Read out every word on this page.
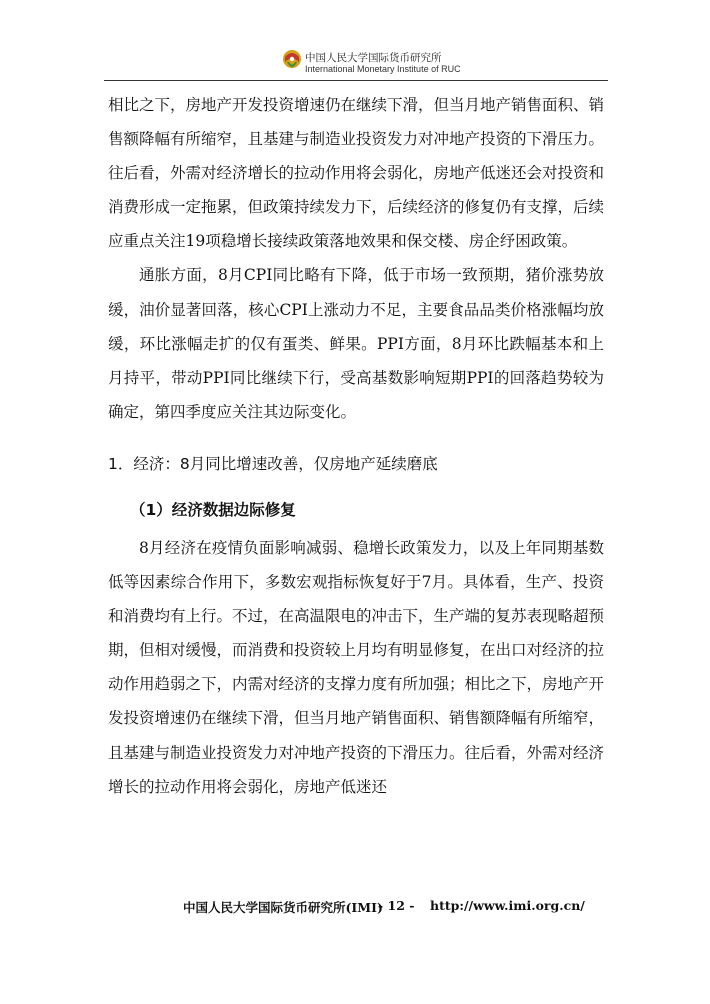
中国人民大学国际货币研究所
International Monetary Institute of RUC

相比之下，房地产开发投资增速仍在继续下滑，但当月地产销售面积、销售额降幅有所缩窄，且基建与制造业投资发力对冲地产投资的下滑压力。往后看，外需对经济增长的拉动作用将会弱化，房地产低迷还会对投资和消费形成一定拖累，但政策持续发力下，后续经济的修复仍有支撑，后续应重点关注19项稳增长接续政策落地效果和保交楼、房企纾困政策。

通胀方面，8月CPI同比略有下降，低于市场一致预期，猪价涨势放缓，油价显著回落，核心CPI上涨动力不足，主要食品品类价格涨幅均放缓，环比涨幅走扩的仅有蛋类、鲜果。PPI方面，8月环比跌幅基本和上月持平，带动PPI同比继续下行，受高基数影响短期PPI的回落趋势较为确定，第四季度应关注其边际变化。

1．经济：8月同比增速改善，仅房地产延续磨底
（1）经济数据边际修复

8月经济在疫情负面影响减弱、稳增长政策发力，以及上年同期基数低等因素综合作用下，多数宏观指标恢复好于7月。具体看，生产、投资和消费均有上行。不过，在高温限电的冲击下，生产端的复苏表现略超预期，但相对缓慢，而消费和投资较上月均有明显修复，在出口对经济的拉动作用趋弱之下，内需对经济的支撑力度有所加强；相比之下，房地产开发投资增速仍在继续下滑，但当月地产销售面积、销售额降幅有所缩窄，且基建与制造业投资发力对冲地产投资的下滑压力。往后看，外需对经济增长的拉动作用将会弱化，房地产低迷还

中国人民大学国际货币研究所(IMI)
- 12 - http://www.imi.org.cn/
